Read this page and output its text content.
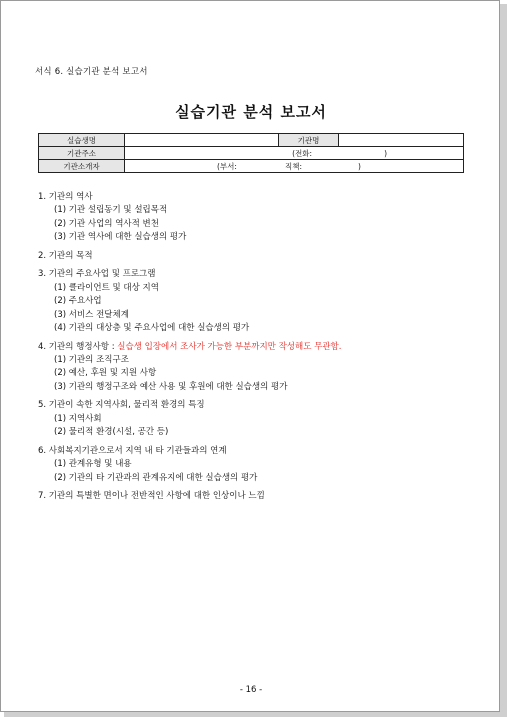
서식 6. 실습기관 분석 보고서
실습기관 분석 보고서
실습생명		기관명	
기관주소	(전화: )		

기관소개자	(부서: 직책: )		
1. 기관의 역사
(1) 기관 설립동기 및 설립목적
(2) 기관 사업의 역사적 변천
(3) 기관 역사에 대한 실습생의 평가
2. 기관의 목적
3. 기관의 주요사업 및 프로그램
(1) 클라이언트 및 대상 지역
(2) 주요사업
(3) 서비스 전달체계
(4) 기관의 대상층 및 주요사업에 대한 실습생의 평가
4. 기관의 행정사항 : 실습생 입장에서 조사가 가능한 부분까지만 작성해도 무관함.
(1) 기관의 조직구조
(2) 예산, 후원 및 지원 사항
(3) 기관의 행정구조와 예산 사용 및 후원에 대한 실습생의 평가
5. 기관이 속한 지역사회, 물리적 환경의 특징
(1) 지역사회
(2) 물리적 환경(시설, 공간 등)
6. 사회복지기관으로서 지역 내 타 기관들과의 연계
(1) 관계유형 및 내용
(2) 기관의 타 기관과의 관계유지에 대한 실습생의 평가
7. 기관의 특별한 면이나 전반적인 사항에 대한 인상이나 느낌
- 16 -
